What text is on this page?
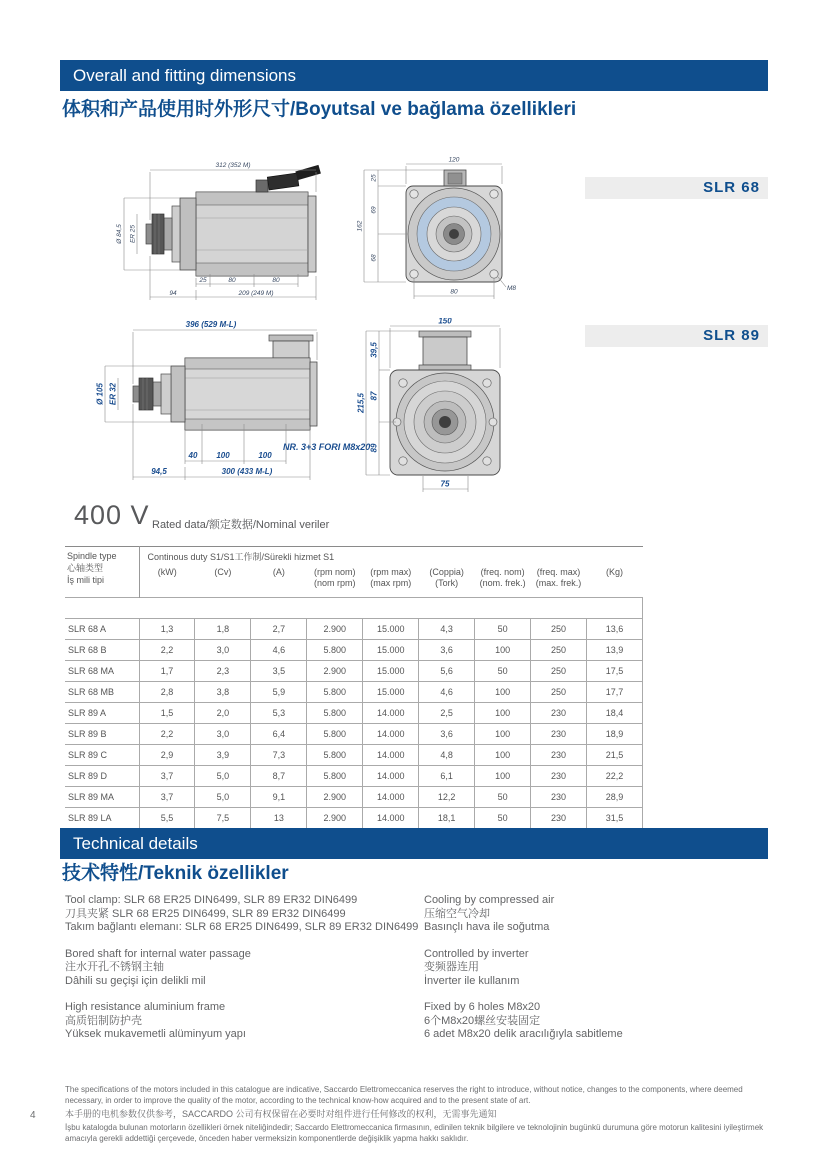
Overall and fitting dimensions
体积和产品使用时外形尺寸/Boyutsal ve bağlama özellikleri
312 (352 M)
Ø 84,5 ER 25
25	80	80
94	209 (249 M)
120
162
25
69
68
80	M8
SLR 68
396 (529 M-L)
Ø 105 ER 32
40 100	100
94,5	300 (433 M-L)
NR. 3+3 FORI M8x20
150
215,5
39,5
87
89
75
SLR 89
400 V Rated data/额定数据/Nominal veriler
Spindle type
心轴类型
İş mili tipi	Continous duty S1/S1工作制/Sürekli hizmet S1								

(kW)	(Cv)	(A)	(rpm nom)
(nom rpm)

(rpm max)
(max rpm)

(Coppia)
(Tork)

(freq. nom)
(nom. frek.)

(freq. max)
(max. frek.)

(Kg)

SLR 68 A	1,3	1,8	2,7	2.900	15.000	4,3	50	250	13,6
SLR 68 B	2,2	3,0	4,6	5.800	15.000	3,6	100	250	13,9
SLR 68 MA	1,7	2,3	3,5	2.900	15.000	5,6	50	250	17,5
SLR 68 MB	2,8	3,8	5,9	5.800	15.000	4,6	100	250	17,7
SLR 89 A	1,5	2,0	5,3	5.800	14.000	2,5	100	230	18,4
SLR 89 B	2,2	3,0	6,4	5.800	14.000	3,6	100	230	18,9
SLR 89 C	2,9	3,9	7,3	5.800	14.000	4,8	100	230	21,5
SLR 89 D	3,7	5,0	8,7	5.800	14.000	6,1	100	230	22,2
SLR 89 MA	3,7	5,0	9,1	2.900	14.000	12,2	50	230	28,9
SLR 89 LA	5,5	7,5	13	2.900	14.000	18,1	50	230	31,5
Technical details
技术特性/Teknik özellikler

Tool clamp: SLR 68 ER25 DIN6499, SLR 89 ER32 DIN6499

刀具夹紧 SLR 68 ER25 DIN6499, SLR 89 ER32 DIN6499

Takım bağlantı elemanı: SLR 68 ER25 DIN6499, SLR 89 ER32 DIN6499

Bored shaft for internal water passage

注水开孔不锈钢主轴

Dâhili su geçişi için delikli mil

High resistance aluminium frame

高质铝制防护壳

Yüksek mukavemetli alüminyum yapı

Cooling by compressed air

压缩空气冷却

Basınçlı hava ile soğutma

Controlled by inverter

变频器连用

İnverter ile kullanım

Fixed by 6 holes M8x20

6个M8x20螺丝安装固定

6 adet M8x20 delik aracılığıyla sabitleme

The specifications of the motors included in this catalogue are indicative, Saccardo Elettromeccanica reserves the right to introduce, without notice, changes to the components, where deemed necessary, in order to improve the quality of the motor, according to the technical know-how acquired and to the present state of art.

本手册的电机参数仅供参考，SACCARDO 公司有权保留在必要时对组件进行任何修改的权利，无需事先通知

İşbu katalogda bulunan motorların özellikleri örnek niteliğindedir; Saccardo Elettromeccanica firmasının, edinilen teknik bilgilere ve teknolojinin bugünkü durumuna göre motorun kalitesini iyileştirmek amacıyla gerekli addettiği çerçevede, önceden haber vermeksizin komponentlerde değişiklik yapma hakkı saklıdır.

4
